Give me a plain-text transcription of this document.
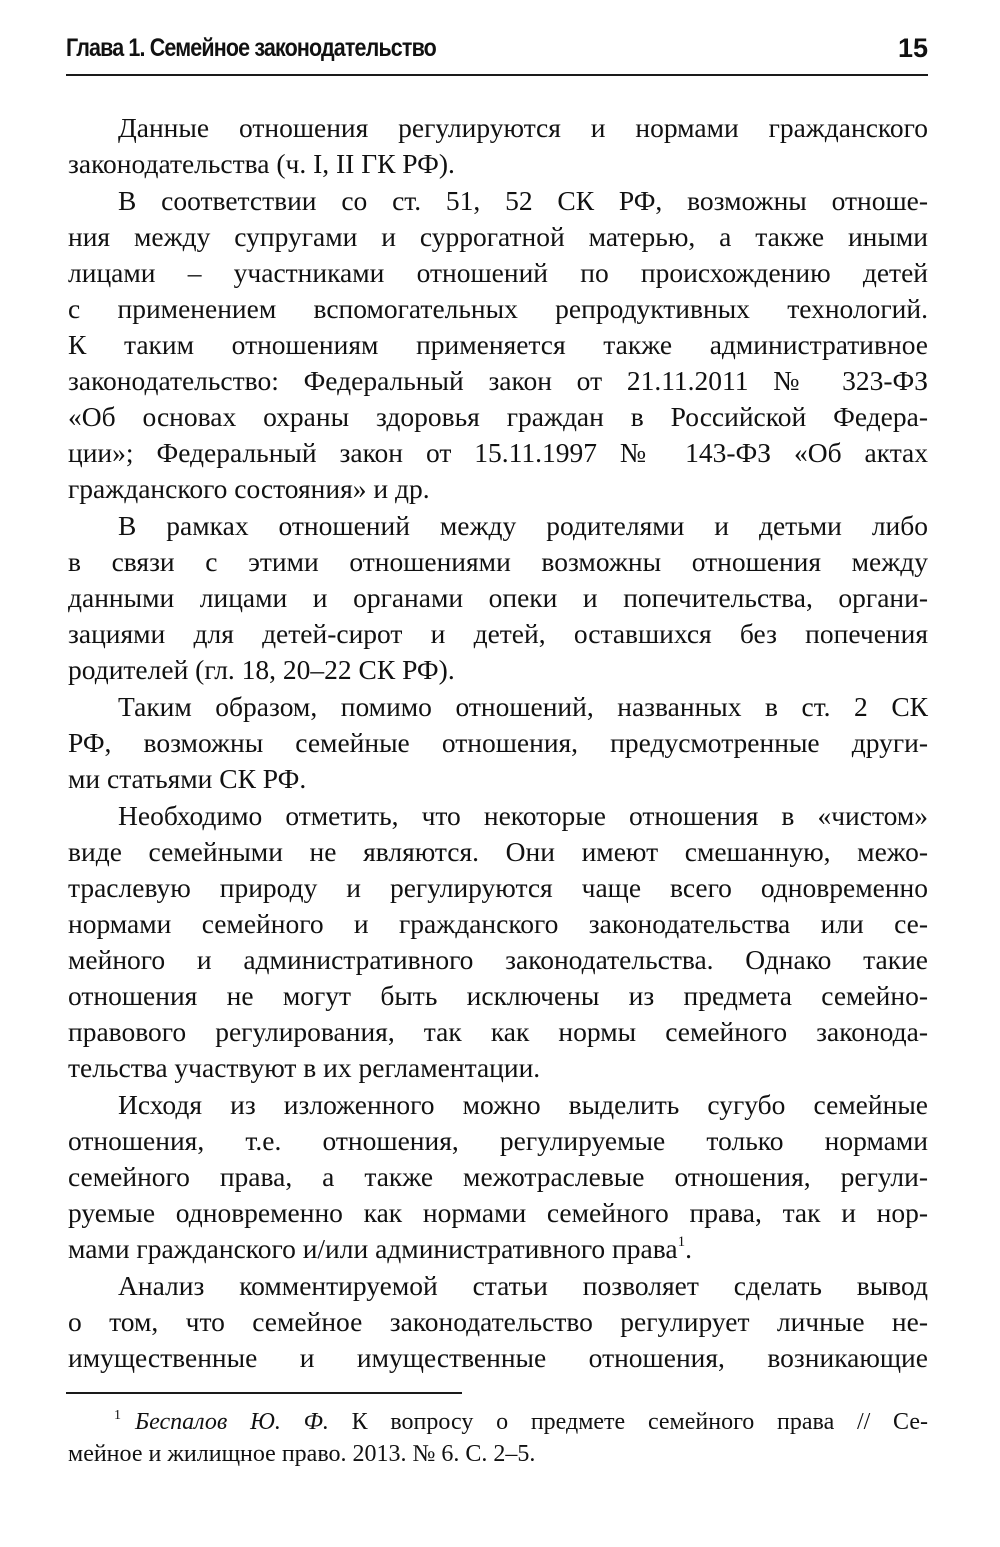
Глава 1. Семейное законодательство	15

Данные отношения регулируются и нормами гражданского
законодательства (ч. I, II ГК РФ).

В соответствии со ст. 51, 52 СК РФ, возможны отноше-
ния между супругами и суррогатной матерью, а также иными
лицами – участниками отношений по происхождению детей
с применением вспомогательных репродуктивных технологий.
К таким отношениям применяется также административное
законодательство: Федеральный закон от 21.11.2011 № 323-ФЗ
«Об основах охраны здоровья граждан в Российской Федера-
ции»; Федеральный закон от 15.11.1997 № 143-ФЗ «Об актах
гражданского состояния» и др.

В рамках отношений между родителями и детьми либо
в связи с этими отношениями возможны отношения между
данными лицами и органами опеки и попечительства, органи-
зациями для детей-сирот и детей, оставшихся без попечения
родителей (гл. 18, 20–22 СК РФ).

Таким образом, помимо отношений, названных в ст. 2 СК
РФ, возможны семейные отношения, предусмотренные други-
ми статьями СК РФ.

Необходимо отметить, что некоторые отношения в «чистом»
виде семейными не являются. Они имеют смешанную, межо-
траслевую природу и регулируются чаще всего одновременно
нормами семейного и гражданского законодательства или се-
мейного и административного законодательства. Однако такие
отношения не могут быть исключены из предмета семейно-
правового регулирования, так как нормы семейного законода-
тельства участвуют в их регламентации.

Исходя из изложенного можно выделить сугубо семейные
отношения, т.е. отношения, регулируемые только нормами
семейного права, а также межотраслевые отношения, регули-
руемые одновременно как нормами семейного права, так и нор-
мами гражданского и/или административного права$^1$.

Анализ комментируемой статьи позволяет сделать вывод
о том, что семейное законодательство регулирует личные не-
имущественные и имущественные отношения, возникающие

$^1$ Беспалов Ю. Ф. К вопросу о предмете семейного права // Се-
мейное и жилищное право. 2013. № 6. С. 2–5.
